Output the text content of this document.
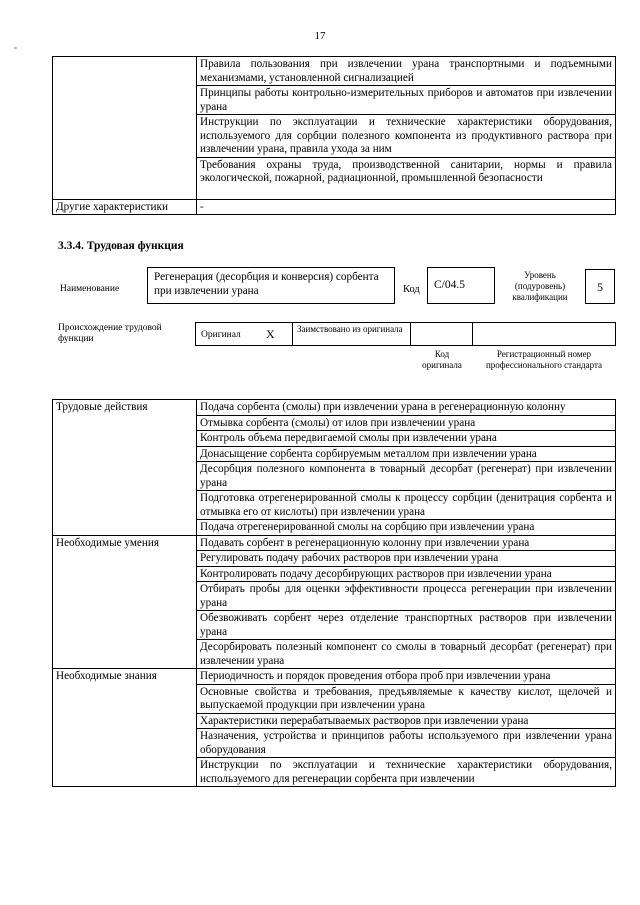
17
	Правила пользования при извлечении урана транспортными и подъемными механизмами, установленной сигнализацией
	Принципы работы контрольно-измерительных приборов и автоматов при извлечении урана
	Инструкции по эксплуатации и технические характеристики оборудования, используемого для сорбции полезного компонента из продуктивного раствора при извлечении урана, правила ухода за ним
	Требования охраны труда, производственной санитарии, нормы и правила экологической, пожарной, радиационной, промышленной безопасности
Другие характеристики	-
3.3.4. Трудовая функция
Наименование
Регенерация (десорбция и конверсия) сорбента при извлечении урана	Код	C/04.5
Уровень (подуровень) квалификации
5
Происхождение трудовой функции	Оригинал X Заимствовано из оригинала
Код оригинала
Регистрационный номер профессионального стандарта
Трудовые действия	Подача сорбента (смолы) при извлечении урана в регенерационную колонну
	Отмывка сорбента (смолы) от илов при извлечении урана
	Контроль объема передвигаемой смолы при извлечении урана
	Донасыщение сорбента сорбируемым металлом при извлечении урана
	Десорбция полезного компонента в товарный десорбат (регенерат) при извлечении урана
	Подготовка отрегенерированной смолы к процессу сорбции (денитрация сорбента и отмывка его от кислоты) при извлечении урана
	Подача отрегенерированной смолы на сорбцию при извлечении урана
Необходимые умения	Подавать сорбент в регенерационную колонну при извлечении урана
	Регулировать подачу рабочих растворов при извлечении урана
	Контролировать подачу десорбирующих растворов при извлечении урана
	Отбирать пробы для оценки эффективности процесса регенерации при извлечении урана
	Обезвоживать сорбент через отделение транспортных растворов при извлечении урана
	Десорбировать полезный компонент со смолы в товарный десорбат (регенерат) при извлечении урана
Необходимые знания	Периодичность и порядок проведения отбора проб при извлечении урана
	Основные свойства и требования, предъявляемые к качеству кислот, щелочей и выпускаемой продукции при извлечении урана
	Характеристики перерабатываемых растворов при извлечении урана
	Назначения, устройства и принципов работы используемого при извлечении урана оборудования
	Инструкции по эксплуатации и технические характеристики оборудования, используемого для регенерации сорбента при извлечении
